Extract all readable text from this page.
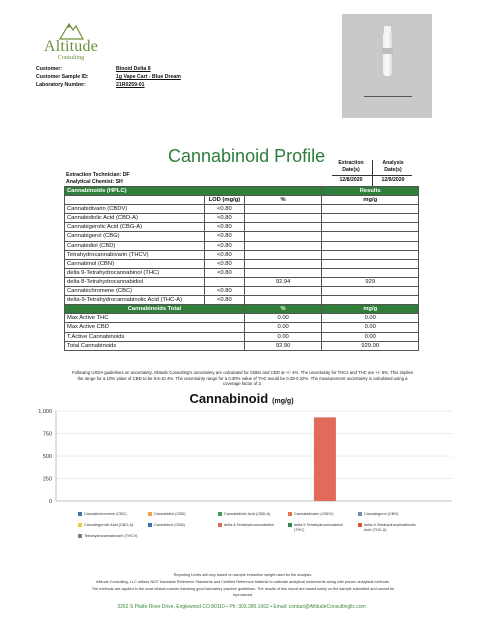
Altitude
Consulting
Customer:	Binoid Delta 8
Customer Sample ID:	1g Vape Cart - Blue Dream
Laboratory Number:	21R0259-01
Cannabinoid Profile	Extraction
Date(s)
Analysis
Date(s)
12/8/2020	12/9/2020
Extraction Technician: DF
Analytical Chemist: SH
Cannabinoids (HPLC)			Results
	LOD (mg/g)	%	mg/g
Cannabidivarin (CBDV)	<0.80		
Cannabidiolic Acid (CBD-A)	<0.80		
Cannabigerolic Acid (CBG-A)	<0.80		
Cannabigerol (CBG)	<0.80		
Cannabidiol (CBD)	<0.80		
Tetrahydrocannabivarin (THCV)	<0.80		
Cannabinol (CBN)	<0.80		
delta 9-Tetrahydrocannabinol (THC)	<0.80		
delta 8-Tetrahydrocannabidiol		92.94	929
Cannabichromene (CBC)	<0.80		
delta-9-Tetrahydrocannabinolic Acid (THC-A)	<0.80		
Cannabinoids Total		%	mg/g
Max Active THC		0.00	0.00
Max Active CBD		0.00	0.00
T.Active Cannabinoids		0.00	0.00
Total Cannabinoids		92.90	929.00
Following USDA guidelines on uncertainty, Altitude Consulting's uncertainty are calculated for CBDs and CBD at +/- 4%. The uncertainty for THCs and THC are +/- 5%. This implies the range for a 10% value of CBD to be 9.6-10.4%. The uncertainty range for a 0.30% value of THC would be 0.28-0.32%. The measurement uncertainty is calculated using a coverage factor of 2.
Cannabinoid (mg/g)
1,000
750
500
250
0
Cannabichromene (CBC)	Cannabidiol (CBD)	Cannabidiolic Acid (CBD-A)	Cannabidivarin (CBDV)	Cannabigerol (CBG)
Cannabigerolic Acid (CBG-A)	Cannabinol (CBN)	delta 8-Tetrahydrocannabidiol	delta 9-Tetrahydrocannabinol (THC)
delta-9-Tetrahydrocannabinolic Acid (THC-A)
Tetrahydrocannabivarin (THCV)
Reporting Limits will vary based on sample extraction weight used for the analysis.
Altitude Consulting, LLC utilizes NIST traceable Reference Standards and Certified Reference Material to calibrate analytical instruments along with proven analytical methods.
The methods are applied in the most ethical manner following good laboratory practice guidelines. The results of this report are based solely on the sample submitted and cannot be
reproduced.
3262 S Platte River Drive, Englewood CO 80110 • Ph: 303.390.1662 • Email: contact@AltitudeConsultingllc.com
